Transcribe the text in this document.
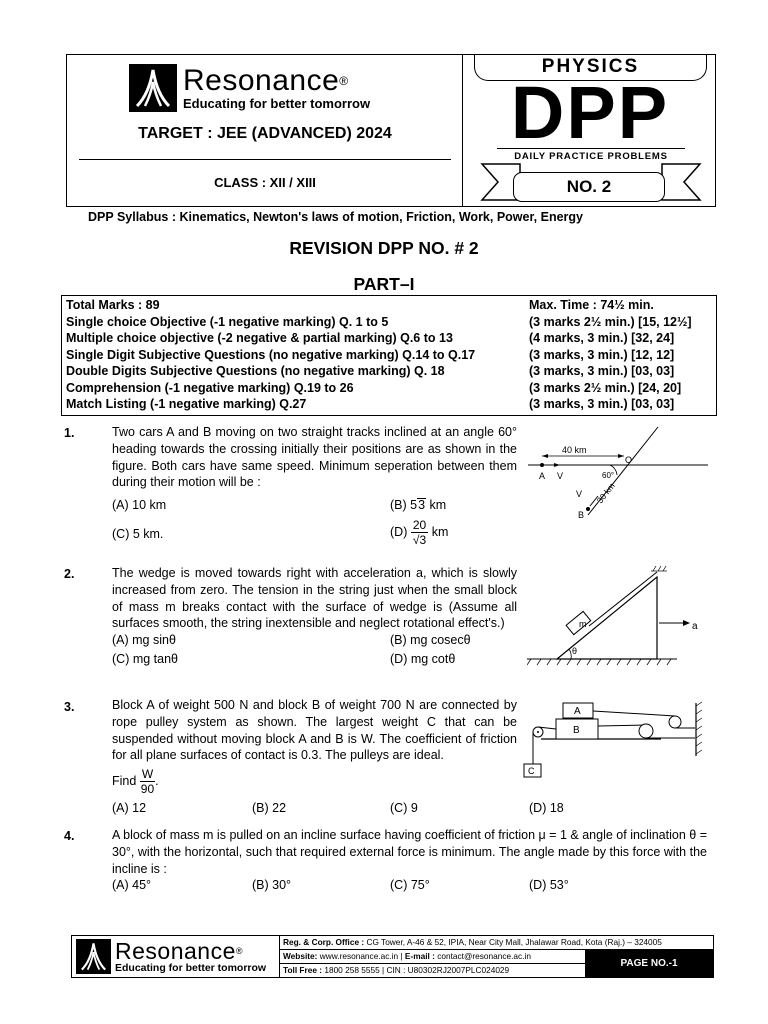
Resonance®
Educating for better tomorrow
TARGET : JEE (ADVANCED) 2024
CLASS : XII / XIII
PHYSICS
DPP
DAILY PRACTICE PROBLEMS
NO. 2
DPP Syllabus : Kinematics, Newton's laws of motion, Friction, Work, Power, Energy
REVISION DPP NO. # 2
PART–I
Total Marks : 89	Max. Time : 74½ min.
Single choice Objective (-1 negative marking) Q. 1 to 5	(3 marks 2½ min.) [15, 12½]
Multiple choice objective (-2 negative & partial marking) Q.6 to 13	(4 marks, 3 min.) [32, 24]
Single Digit Subjective Questions (no negative marking) Q.14 to Q.17	(3 marks, 3 min.) [12, 12]
Double Digits Subjective Questions (no negative marking) Q. 18	(3 marks, 3 min.) [03, 03]
Comprehension (-1 negative marking) Q.19 to 26	(3 marks 2½ min.) [24, 20]
Match Listing (-1 negative marking) Q.27	(3 marks, 3 min.) [03, 03]
1.	Two cars A and B moving on two straight tracks inclined at an angle 60° heading towards the crossing initially their positions are as shown in the figure. Both cars have same speed. Minimum seperation between them during their motion will be :
(A) 10 km	(B) 53 km
(C) 5 km.	$(D) \frac{20}{√3}$ km
40 km
A V
O
60°
V
B
30 km
2.	The wedge is moved towards right with acceleration a, which is slowly increased from zero. The tension in the string just when the small block of mass m breaks contact with the surface of wedge is (Assume all surfaces smooth, the string inextensible and neglect rotational effect's.)
(A) mg sinθ	(B) mg cosecθ
(C) mg tanθ	(D) mg cotθ
m
θ
a
3.	Block A of weight 500 N and block B of weight 700 N are connected by rope pulley system as shown. The largest weight C that can be suspended without moving block A and B is W. The coefficient of friction for all plane surfaces of contact is 0.3. The pulleys are ideal.
Find $\frac{W}{90}$ .
(A) 12	(B) 22	(C) 9	(D) 18
A
B
C
4.	A block of mass m is pulled on an incline surface having coefficient of friction μ = 1 & angle of inclination θ = 30°, with the horizontal, such that required external force is minimum. The angle made by this force with the incline is :
(A) 45°	(B) 30°	(C) 75°	(D) 53°
Resonance®
Educating for better tomorrow
Reg. & Corp. Office : CG Tower, A-46 & 52, IPIA, Near City Mall, Jhalawar Road, Kota (Raj.) – 324005
Website: www.resonance.ac.in | E-mail : contact@resonance.ac.in
Toll Free : 1800 258 5555 | CIN : U80302RJ2007PLC024029
PAGE NO.-1
